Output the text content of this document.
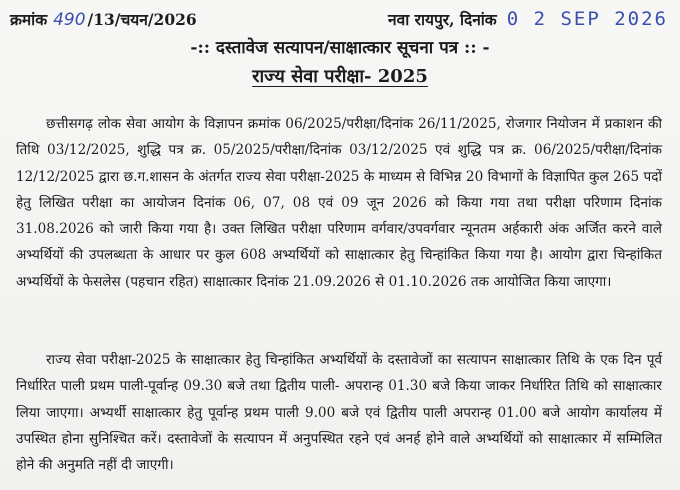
क्रमांक 490 /13/चयन/2026	नवा रायपुर, दिनांक 0 2 SEP 2026
-:: दस्तावेज सत्यापन/साक्षात्कार सूचना पत्र :: -
राज्य सेवा परीक्षा- 2025
छत्तीसगढ़ लोक सेवा आयोग के विज्ञापन क्रमांक 06/2025/परीक्षा/दिनांक 26/11/2025, रोजगार नियोजन में प्रकाशन की तिथि 03/12/2025, शुद्धि पत्र क्र. 05/2025/परीक्षा/दिनांक 03/12/2025 एवं शुद्धि पत्र क्र. 06/2025/परीक्षा/दिनांक 12/12/2025 द्वारा छ.ग.शासन के अंतर्गत राज्य सेवा परीक्षा-2025 के माध्यम से विभिन्न 20 विभागों के विज्ञापित कुल 265 पदों हेतु लिखित परीक्षा का आयोजन दिनांक 06, 07, 08 एवं 09 जून 2026 को किया गया तथा परीक्षा परिणाम दिनांक 31.08.2026 को जारी किया गया है। उक्त लिखित परीक्षा परिणाम वर्गवार/उपवर्गवार न्यूनतम अर्हकारी अंक अर्जित करने वाले अभ्यर्थियों की उपलब्धता के आधार पर कुल 608 अभ्यर्थियों को साक्षात्कार हेतु चिन्हांकित किया गया है। आयोग द्वारा चिन्हांकित अभ्यर्थियों के फेसलेस (पहचान रहित) साक्षात्कार दिनांक 21.09.2026 से 01.10.2026 तक आयोजित किया जाएगा।
राज्य सेवा परीक्षा-2025 के साक्षात्कार हेतु चिन्हांकित अभ्यर्थियों के दस्तावेजों का सत्यापन साक्षात्कार तिथि के एक दिन पूर्व निर्धारित पाली प्रथम पाली-पूर्वान्ह 09.30 बजे तथा द्वितीय पाली- अपरान्ह 01.30 बजे किया जाकर निर्धारित तिथि को साक्षात्कार लिया जाएगा। अभ्यर्थी साक्षात्कार हेतु पूर्वान्ह प्रथम पाली 9.00 बजे एवं द्वितीय पाली अपरान्ह 01.00 बजे आयोग कार्यालय में उपस्थित होना सुनिश्चित करें। दस्तावेजों के सत्यापन में अनुपस्थित रहने एवं अनर्ह होने वाले अभ्यर्थियों को साक्षात्कार में सम्मिलित होने की अनुमति नहीं दी जाएगी।
